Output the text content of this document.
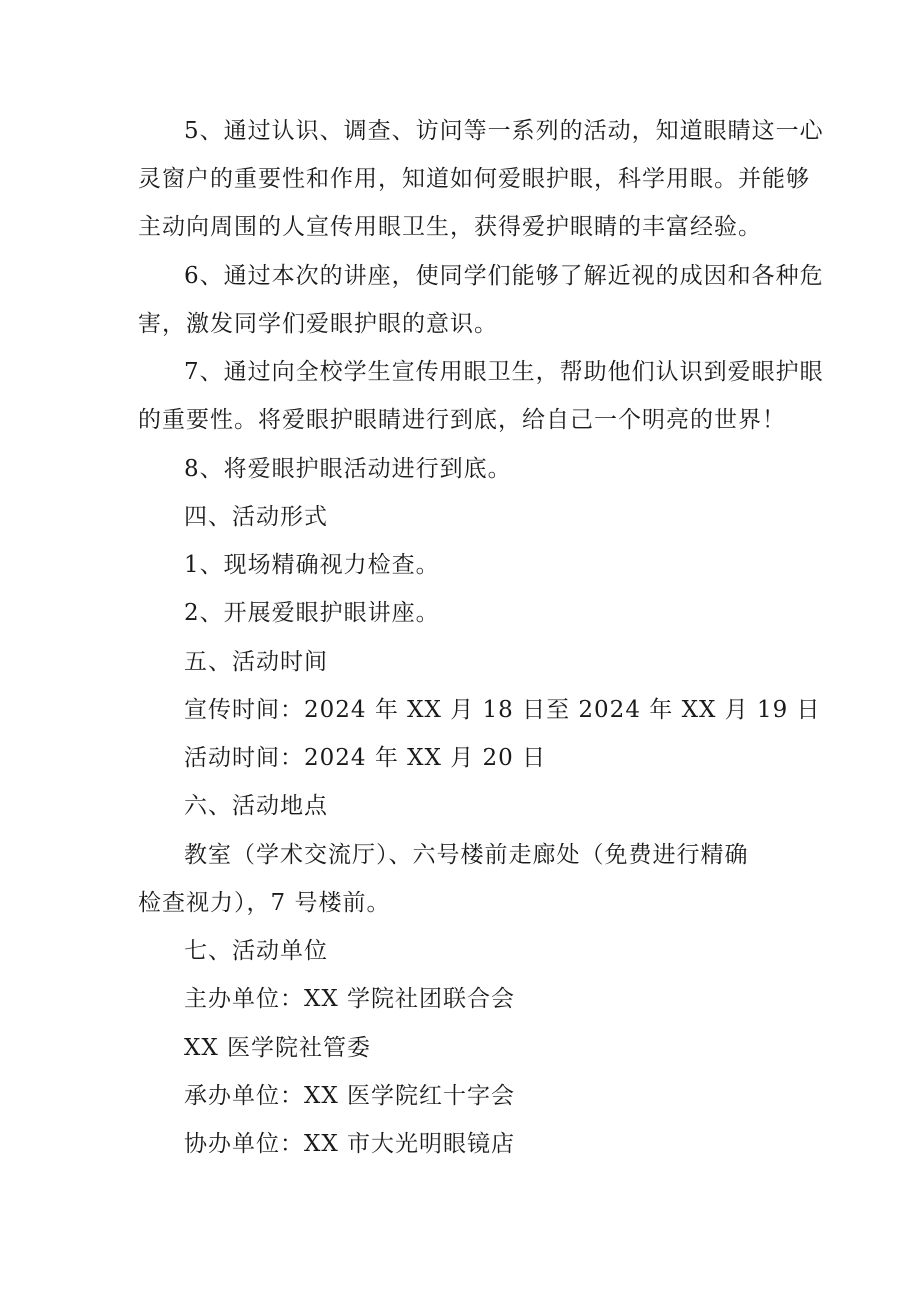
5、通过认识、调查、访问等一系列的活动，知道眼睛这一心
灵窗户的重要性和作用，知道如何爱眼护眼，科学用眼。并能够
主动向周围的人宣传用眼卫生，获得爱护眼睛的丰富经验。
6、通过本次的讲座，使同学们能够了解近视的成因和各种危
害，激发同学们爱眼护眼的意识。
7、通过向全校学生宣传用眼卫生，帮助他们认识到爱眼护眼
的重要性。将爱眼护眼睛进行到底，给自己一个明亮的世界！
8、将爱眼护眼活动进行到底。
四、活动形式
1、现场精确视力检查。
2、开展爱眼护眼讲座。
五、活动时间
宣传时间：2024 年 XX 月 18 日至 2024 年 XX 月 19 日
活动时间：2024 年 XX 月 20 日
六、活动地点
教室（学术交流厅）、六号楼前走廊处（免费进行精确
检查视力），7 号楼前。
七、活动单位
主办单位：XX 学院社团联合会
XX 医学院社管委
承办单位：XX 医学院红十字会
协办单位：XX 市大光明眼镜店
